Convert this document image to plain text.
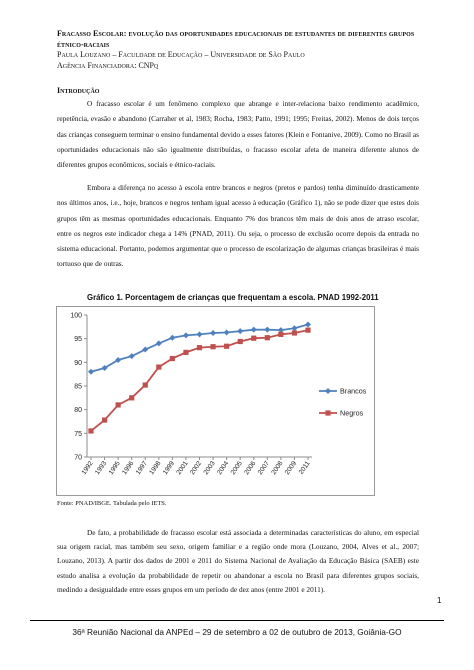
Fracasso Escolar: evolução das oportunidades educacionais de estudantes de diferentes grupos étnico-raciais
Paula Louzano – Faculdade de Educação – Universidade de São Paulo
Agência Financiadora: CNPq
Introdução

O fracasso escolar é um fenômeno complexo que abrange e inter-relaciona baixo rendimento acadêmico, repetência, evasão e abandono (Carraher et al, 1983; Rocha, 1983; Patto, 1991; 1995; Freitas, 2002). Menos de dois terços das crianças conseguem terminar o ensino fundamental devido a esses fatores (Klein e Fontanive, 2009). Como no Brasil as oportunidades educacionais não são igualmente distribuídas, o fracasso escolar afeta de maneira diferente alunos de diferentes grupos econômicos, sociais e étnico-raciais.

Embora a diferença no acesso à escola entre brancos e negros (pretos e pardos) tenha diminuído drasticamente nos últimos anos, i.e., hoje, brancos e negros tenham igual acesso à educação (Gráfico 1), não se pode dizer que estes dois grupos têm as mesmas oportunidades educacionais. Enquanto 7% dos brancos têm mais de dois anos de atraso escolar, entre os negros este indicador chega a 14% (PNAD, 2011). Ou seja, o processo de exclusão ocorre depois da entrada no sistema educacional. Portanto, podemos argumentar que o processo de escolarização de algumas crianças brasileiras é mais tortuoso que de outras.

Gráfico 1. Porcentagem de crianças que frequentam a escola. PNAD 1992-2011
70
75
80
85
90
95
100
1992 1993 1995 1996 1997 1998 1999 2001 2002 2003 2004 2005 2006 2007 2008 2009 2011
Brancos
Negros
Fonte: PNAD/IBGE. Tabulada pelo IETS.

De fato, a probabilidade de fracasso escolar está associada a determinadas características do aluno, em especial sua origem racial, mas também seu sexo, origem familiar e a região onde mora (Louzano, 2004, Alves et al., 2007; Louzano, 2013). A partir dos dados de 2001 e 2011 do Sistema Nacional de Avaliação da Educação Básica (SAEB) este estudo analisa a evolução da probabilidade de repetir ou abandonar a escola no Brasil para diferentes grupos sociais, medindo a desigualdade entre esses grupos em um período de dez anos (entre 2001 e 2011).

1
36ª Reunião Nacional da ANPEd – 29 de setembro a 02 de outubro de 2013, Goiânia-GO
